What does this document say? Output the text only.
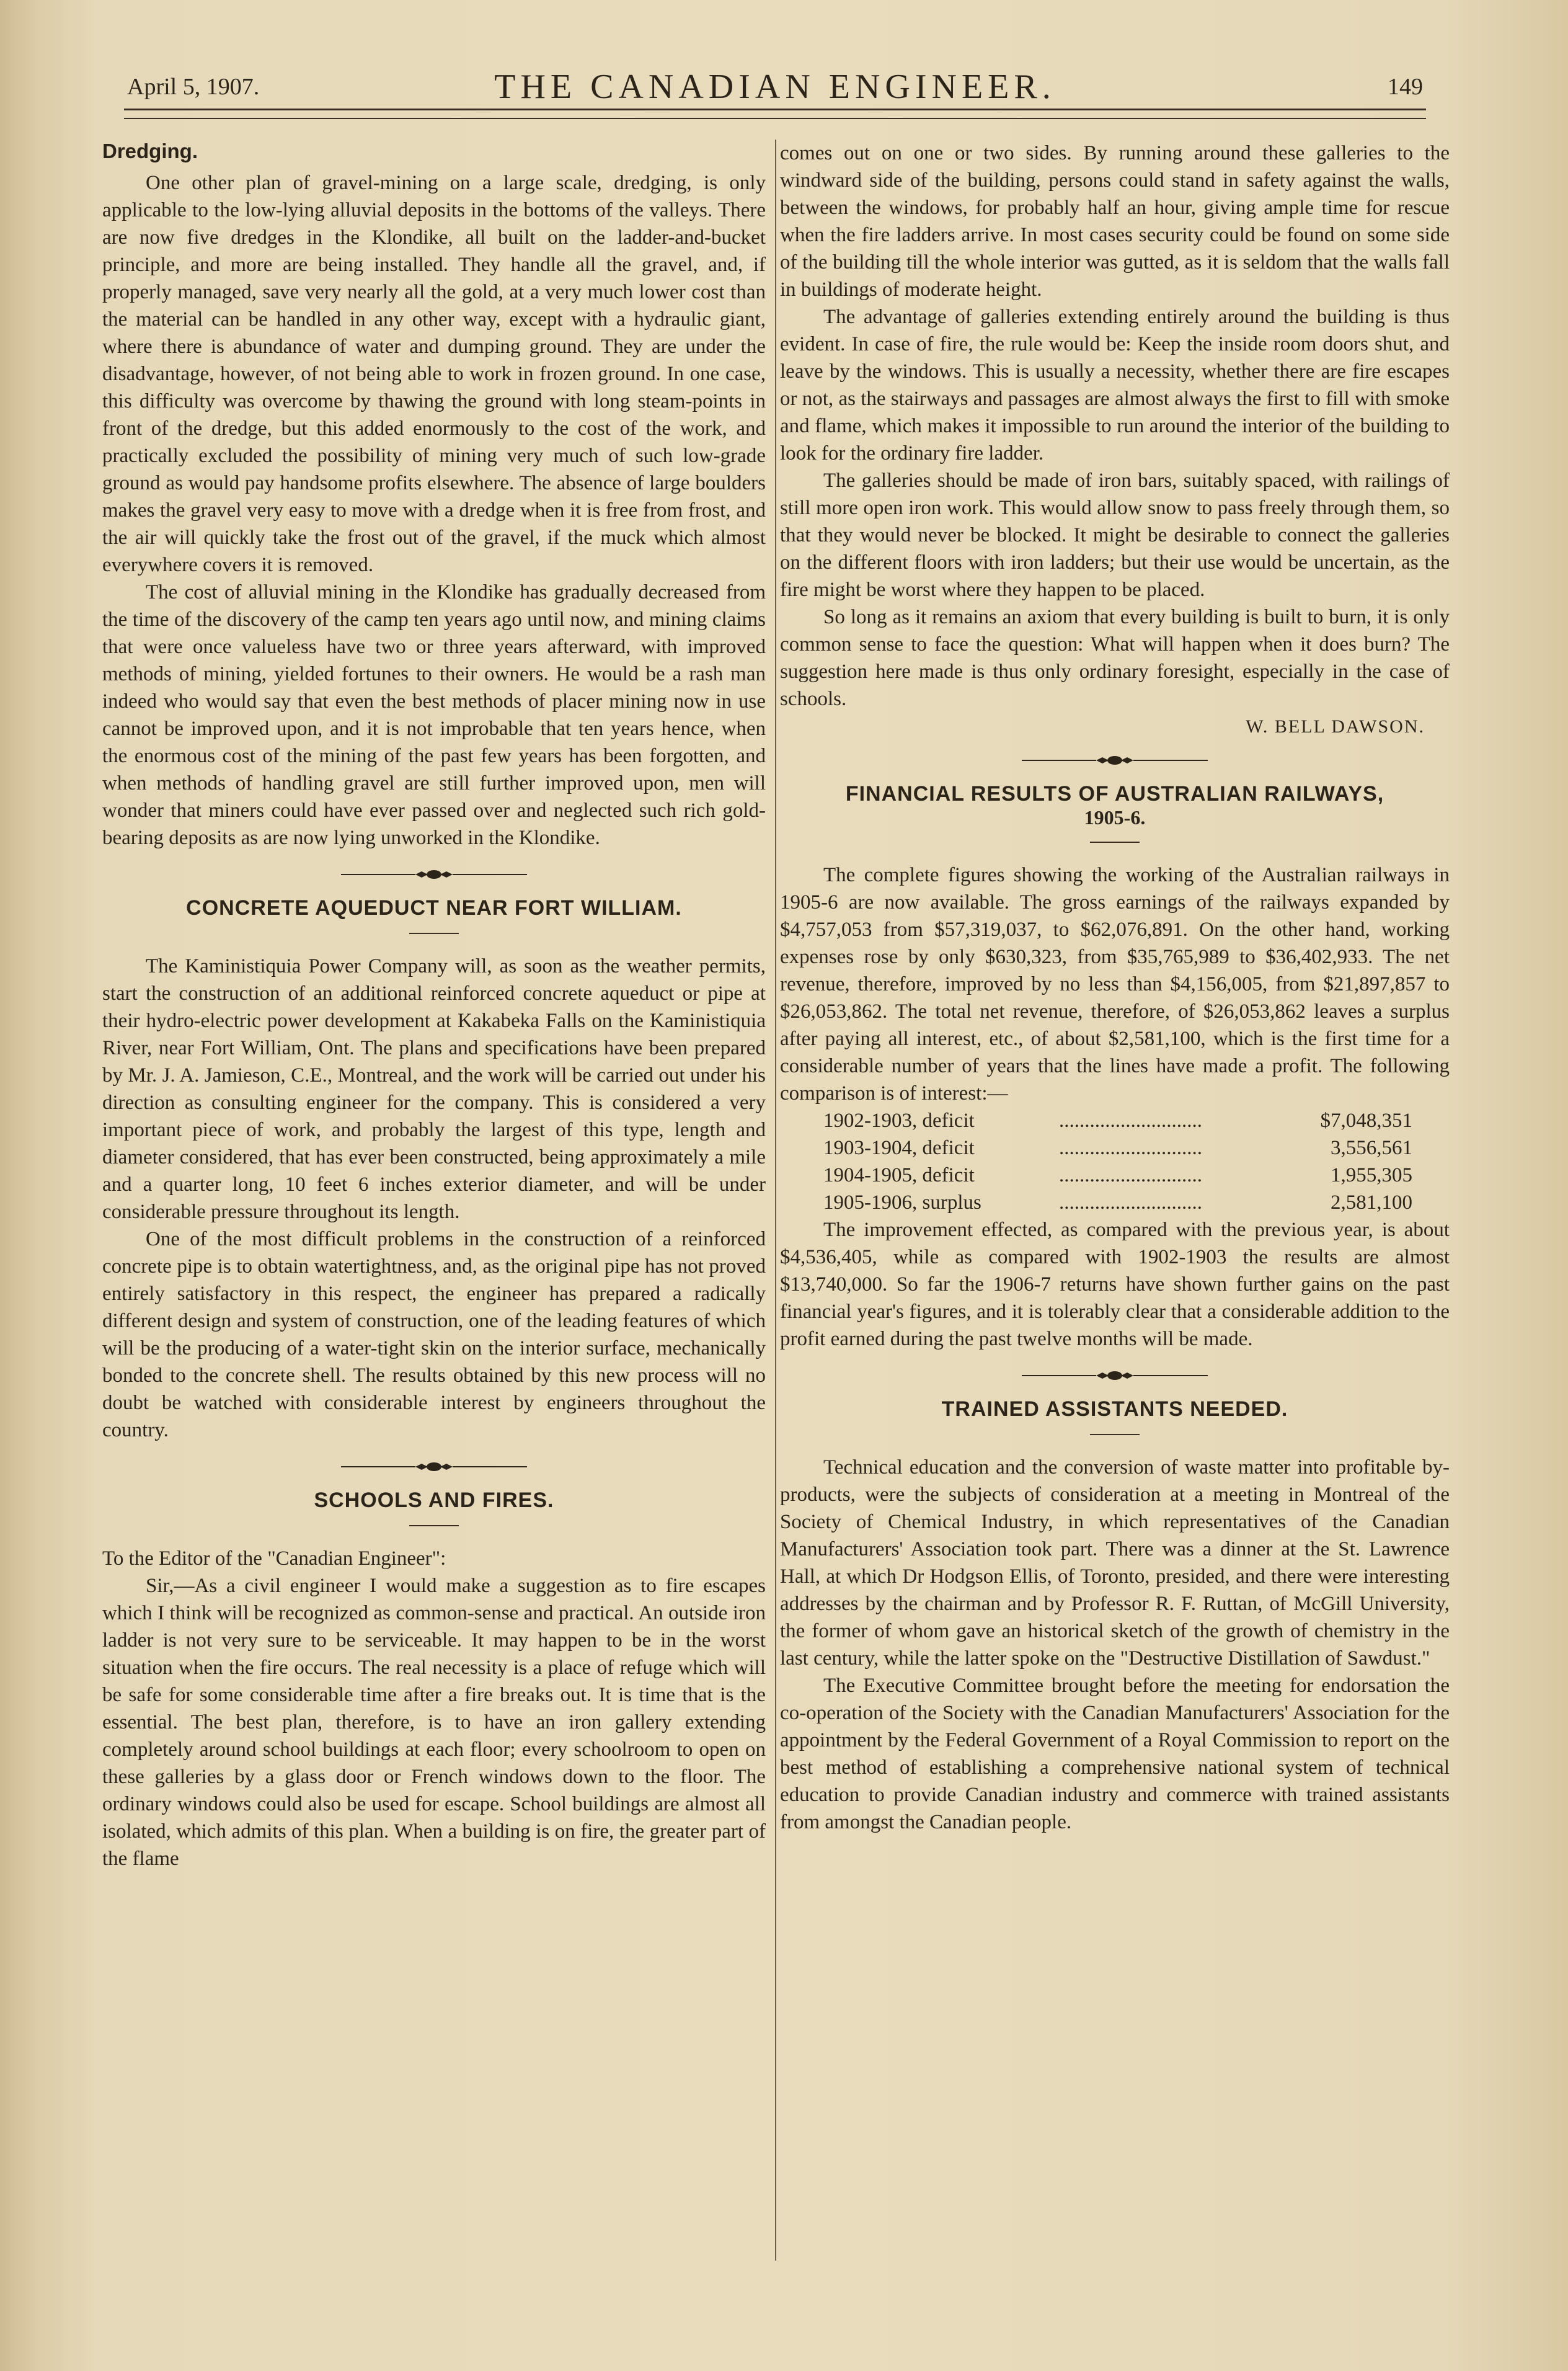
April 5, 1907.	THE CANADIAN ENGINEER.	149
Dredging.

One other plan of gravel-mining on a large scale, dredging, is only applicable to the low-lying alluvial deposits in the bottoms of the valleys. There are now five dredges in the Klondike, all built on the ladder-and-bucket principle, and more are being installed. They handle all the gravel, and, if properly managed, save very nearly all the gold, at a very much lower cost than the material can be handled in any other way, except with a hydraulic giant, where there is abundance of water and dumping ground. They are under the disadvantage, however, of not being able to work in frozen ground. In one case, this difficulty was overcome by thawing the ground with long steam-points in front of the dredge, but this added enormously to the cost of the work, and practically excluded the possibility of mining very much of such low-grade ground as would pay handsome profits elsewhere. The absence of large boulders makes the gravel very easy to move with a dredge when it is free from frost, and the air will quickly take the frost out of the gravel, if the muck which almost everywhere covers it is removed.

The cost of alluvial mining in the Klondike has gradually decreased from the time of the discovery of the camp ten years ago until now, and mining claims that were once valueless have two or three years afterward, with improved methods of mining, yielded fortunes to their owners. He would be a rash man indeed who would say that even the best methods of placer mining now in use cannot be improved upon, and it is not improbable that ten years hence, when the enormous cost of the mining of the past few years has been forgotten, and when methods of handling gravel are still further improved upon, men will wonder that miners could have ever passed over and neglected such rich gold-bearing deposits as are now lying unworked in the Klondike.

CONCRETE AQUEDUCT NEAR FORT WILLIAM.

The Kaministiquia Power Company will, as soon as the weather permits, start the construction of an additional reinforced concrete aqueduct or pipe at their hydro-electric power development at Kakabeka Falls on the Kaministiquia River, near Fort William, Ont. The plans and specifications have been prepared by Mr. J. A. Jamieson, C.E., Montreal, and the work will be carried out under his direction as consulting engineer for the company. This is considered a very important piece of work, and probably the largest of this type, length and diameter considered, that has ever been constructed, being approximately a mile and a quarter long, 10 feet 6 inches exterior diameter, and will be under considerable pressure throughout its length.

One of the most difficult problems in the construction of a reinforced concrete pipe is to obtain watertightness, and, as the original pipe has not proved entirely satisfactory in this respect, the engineer has prepared a radically different design and system of construction, one of the leading features of which will be the producing of a water-tight skin on the interior surface, mechanically bonded to the concrete shell. The results obtained by this new process will no doubt be watched with considerable interest by engineers throughout the country.

SCHOOLS AND FIRES.

To the Editor of the "Canadian Engineer":

Sir,—As a civil engineer I would make a suggestion as to fire escapes which I think will be recognized as common-sense and practical. An outside iron ladder is not very sure to be serviceable. It may happen to be in the worst situation when the fire occurs. The real necessity is a place of refuge which will be safe for some considerable time after a fire breaks out. It is time that is the essential. The best plan, therefore, is to have an iron gallery extending completely around school buildings at each floor; every schoolroom to open on these galleries by a glass door or French windows down to the floor. The ordinary windows could also be used for escape. School buildings are almost all isolated, which admits of this plan. When a building is on fire, the greater part of the flame

comes out on one or two sides. By running around these galleries to the windward side of the building, persons could stand in safety against the walls, between the windows, for probably half an hour, giving ample time for rescue when the fire ladders arrive. In most cases security could be found on some side of the building till the whole interior was gutted, as it is seldom that the walls fall in buildings of moderate height.

The advantage of galleries extending entirely around the building is thus evident. In case of fire, the rule would be: Keep the inside room doors shut, and leave by the windows. This is usually a necessity, whether there are fire escapes or not, as the stairways and passages are almost always the first to fill with smoke and flame, which makes it impossible to run around the interior of the building to look for the ordinary fire ladder.

The galleries should be made of iron bars, suitably spaced, with railings of still more open iron work. This would allow snow to pass freely through them, so that they would never be blocked. It might be desirable to connect the galleries on the different floors with iron ladders; but their use would be uncertain, as the fire might be worst where they happen to be placed.

So long as it remains an axiom that every building is built to burn, it is only common sense to face the question: What will happen when it does burn? The suggestion here made is thus only ordinary foresight, especially in the case of schools.

W. BELL DAWSON.
FINANCIAL RESULTS OF AUSTRALIAN RAILWAYS,
1905-6.

The complete figures showing the working of the Australian railways in 1905-6 are now available. The gross earnings of the railways expanded by $4,757,053 from $57,319,037, to $62,076,891. On the other hand, working expenses rose by only $630,323, from $35,765,989 to $36,402,933. The net revenue, therefore, improved by no less than $4,156,005, from $21,897,857 to $26,053,862. The total net revenue, therefore, of $26,053,862 leaves a surplus after paying all interest, etc., of about $2,581,100, which is the first time for a considerable number of years that the lines have made a profit. The following comparison is of interest:—

1902-1903, deficit	............................	$7,048,351
1903-1904, deficit	............................	3,556,561
1904-1905, deficit	............................	1,955,305
1905-1906, surplus	............................	2,581,100

The improvement effected, as compared with the previous year, is about $4,536,405, while as compared with 1902-1903 the results are almost $13,740,000. So far the 1906-7 returns have shown further gains on the past financial year's figures, and it is tolerably clear that a considerable addition to the profit earned during the past twelve months will be made.

TRAINED ASSISTANTS NEEDED.

Technical education and the conversion of waste matter into profitable by-products, were the subjects of consideration at a meeting in Montreal of the Society of Chemical Industry, in which representatives of the Canadian Manufacturers' Association took part. There was a dinner at the St. Lawrence Hall, at which Dr Hodgson Ellis, of Toronto, presided, and there were interesting addresses by the chairman and by Professor R. F. Ruttan, of McGill University, the former of whom gave an historical sketch of the growth of chemistry in the last century, while the latter spoke on the "Destructive Distillation of Sawdust."

The Executive Committee brought before the meeting for endorsation the co-operation of the Society with the Canadian Manufacturers' Association for the appointment by the Federal Government of a Royal Commission to report on the best method of establishing a comprehensive national system of technical education to provide Canadian industry and commerce with trained assistants from amongst the Canadian people.
